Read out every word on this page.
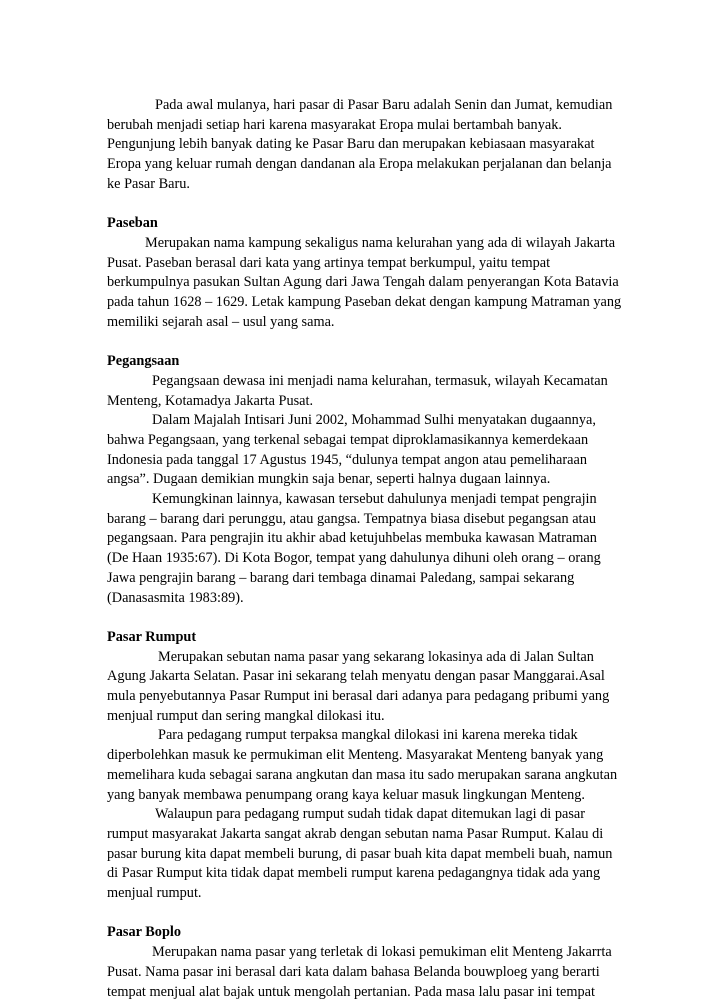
Pada awal mulanya, hari pasar di Pasar Baru adalah Senin dan Jumat, kemudian
berubah menjadi setiap hari karena masyarakat Eropa mulai bertambah banyak.
Pengunjung lebih banyak dating ke Pasar Baru dan merupakan kebiasaan masyarakat
Eropa yang keluar rumah dengan dandanan ala Eropa melakukan perjalanan dan belanja
ke Pasar Baru.

Paseban

Merupakan nama kampung sekaligus nama kelurahan yang ada di wilayah Jakarta
Pusat. Paseban berasal dari kata yang artinya tempat berkumpul, yaitu tempat
berkumpulnya pasukan Sultan Agung dari Jawa Tengah dalam penyerangan Kota Batavia
pada tahun 1628 – 1629. Letak kampung Paseban dekat dengan kampung Matraman yang
memiliki sejarah asal – usul yang sama.

Pegangsaan

Pegangsaan dewasa ini menjadi nama kelurahan, termasuk, wilayah Kecamatan
Menteng, Kotamadya Jakarta Pusat.

Dalam Majalah Intisari Juni 2002, Mohammad Sulhi menyatakan dugaannya,
bahwa Pegangsaan, yang terkenal sebagai tempat diproklamasikannya kemerdekaan
Indonesia pada tanggal 17 Agustus 1945, “dulunya tempat angon atau pemeliharaan
angsa”. Dugaan demikian mungkin saja benar, seperti halnya dugaan lainnya.

Kemungkinan lainnya, kawasan tersebut dahulunya menjadi tempat pengrajin
barang – barang dari perunggu, atau gangsa. Tempatnya biasa disebut pegangsan atau
pegangsaan. Para pengrajin itu akhir abad ketujuhbelas membuka kawasan Matraman
(De Haan 1935:67). Di Kota Bogor, tempat yang dahulunya dihuni oleh orang – orang
Jawa pengrajin barang – barang dari tembaga dinamai Paledang, sampai sekarang
(Danasasmita 1983:89).

Pasar Rumput

Merupakan sebutan nama pasar yang sekarang lokasinya ada di Jalan Sultan
Agung Jakarta Selatan. Pasar ini sekarang telah menyatu dengan pasar Manggarai.Asal
mula penyebutannya Pasar Rumput ini berasal dari adanya para pedagang pribumi yang
menjual rumput dan sering mangkal dilokasi itu.

Para pedagang rumput terpaksa mangkal dilokasi ini karena mereka tidak
diperbolehkan masuk ke permukiman elit Menteng. Masyarakat Menteng banyak yang
memelihara kuda sebagai sarana angkutan dan masa itu sado merupakan sarana angkutan
yang banyak membawa penumpang orang kaya keluar masuk lingkungan Menteng.

Walaupun para pedagang rumput sudah tidak dapat ditemukan lagi di pasar
rumput masyarakat Jakarta sangat akrab dengan sebutan nama Pasar Rumput. Kalau di
pasar burung kita dapat membeli burung, di pasar buah kita dapat membeli buah, namun
di Pasar Rumput kita tidak dapat membeli rumput karena pedagangnya tidak ada yang
menjual rumput.

Pasar Boplo

Merupakan nama pasar yang terletak di lokasi pemukiman elit Menteng Jakarrta
Pusat. Nama pasar ini berasal dari kata dalam bahasa Belanda bouwploeg yang berarti
tempat menjual alat bajak untuk mengolah pertanian. Pada masa lalu pasar ini tempat
